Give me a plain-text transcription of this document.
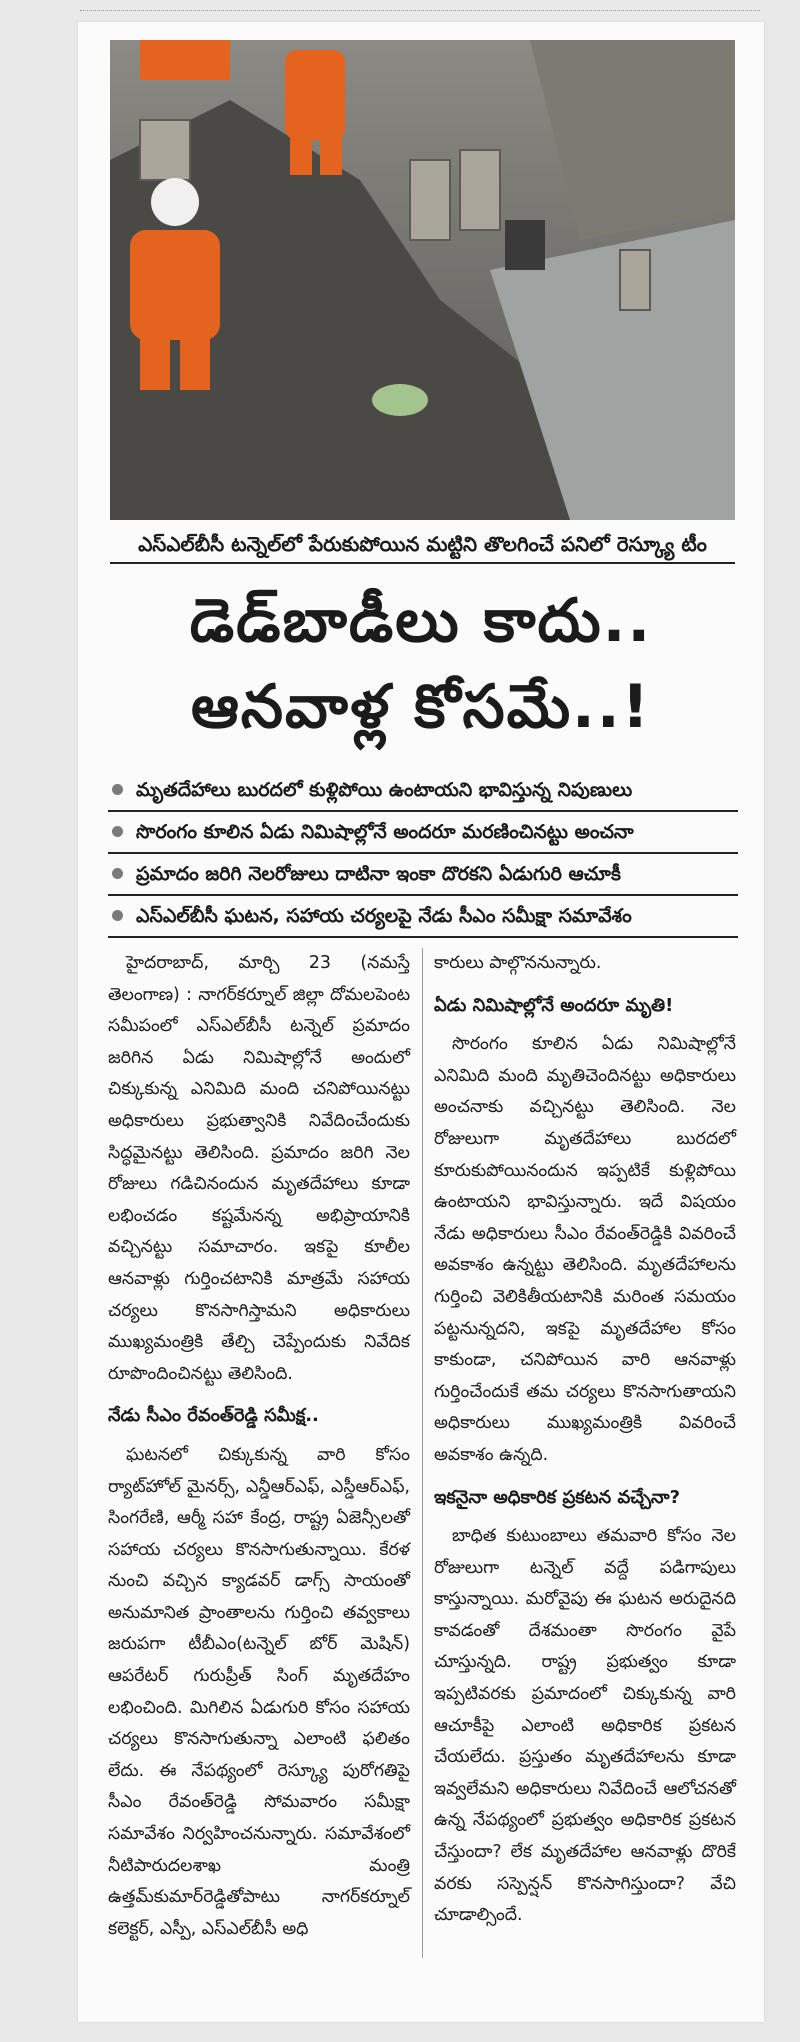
ఎస్ఎల్‌బీసీ టన్నెల్‌లో పేరుకుపోయిన మట్టిని తొలగించే పనిలో రెస్క్యూ టీం
డెడ్‌బాడీలు కాదు..
ఆనవాళ్ల కోసమే..!
మృతదేహాలు బురదలో కుళ్లిపోయి ఉంటాయని భావిస్తున్న నిపుణులు
సొరంగం కూలిన ఏడు నిమిషాల్లోనే అందరూ మరణించినట్టు అంచనా
ప్రమాదం జరిగి నెలరోజులు దాటినా ఇంకా దొరకని ఏడుగురి ఆచూకీ
ఎస్ఎల్‌బీసీ ఘటన, సహాయ చర్యలపై నేడు సీఎం సమీక్షా సమావేశం

హైదరాబాద్, మార్చి 23 (నమస్తే తెలంగాణ) : నాగర్‌కర్నూల్ జిల్లా దోమలపెంట సమీపంలో ఎస్ఎల్‌బీసీ టన్నెల్ ప్రమాదం జరిగిన ఏడు నిమిషాల్లోనే అందులో చిక్కుకున్న ఎనిమిది మంది చనిపోయినట్టు అధికారులు ప్రభుత్వానికి నివేదించేందుకు సిద్ధమైనట్టు తెలిసింది. ప్రమాదం జరిగి నెల రోజులు గడిచినందున మృతదేహాలు కూడా లభించడం కష్టమేనన్న అభిప్రాయానికి వచ్చినట్టు సమాచారం. ఇకపై కూలీల ఆనవాళ్లు గుర్తించటానికి మాత్రమే సహాయ చర్యలు కొనసాగిస్తామని అధికారులు ముఖ్యమంత్రికి తేల్చి చెప్పేందుకు నివేదిక రూపొందించినట్టు తెలిసింది.

నేడు సీఎం రేవంత్‌రెడ్డి సమీక్ష..

ఘటనలో చిక్కుకున్న వారి కోసం ర్యాట్‌హోల్ మైనర్స్, ఎన్డీఆర్ఎఫ్, ఎస్డీఆర్ఎఫ్, సింగరేణి, ఆర్మీ సహా కేంద్ర, రాష్ట్ర ఏజెన్సీలతో సహాయ చర్యలు కొనసాగుతున్నాయి. కేరళ నుంచి వచ్చిన క్యాడవర్ డాగ్స్ సాయంతో అనుమానిత ప్రాంతాలను గుర్తించి తవ్వకాలు జరుపగా టీబీఎం(టన్నెల్ బోర్ మెషిన్) ఆపరేటర్ గురుప్రీత్ సింగ్ మృతదేహం లభించింది. మిగిలిన ఏడుగురి కోసం సహాయ చర్యలు కొనసాగుతున్నా ఎలాంటి ఫలితం లేదు. ఈ నేపథ్యంలో రెస్క్యూ పురోగతిపై సీఎం రేవంత్‌రెడ్డి సోమవారం సమీక్షా సమావేశం నిర్వహించనున్నారు. సమావేశంలో నీటిపారుదలశాఖ మంత్రి ఉత్తమ్‌కుమార్‌రెడ్డితోపాటు నాగర్‌కర్నూల్ కలెక్టర్, ఎస్పీ, ఎస్ఎల్‌బీసీ అధి

కారులు పాల్గొననున్నారు.

ఏడు నిమిషాల్లోనే అందరూ మృతి!

సొరంగం కూలిన ఏడు నిమిషాల్లోనే ఎనిమిది మంది మృతిచెందినట్టు అధికారులు అంచనాకు వచ్చినట్టు తెలిసింది. నెల రోజులుగా మృతదేహాలు బురదలో కూరుకుపోయినందున ఇప్పటికే కుళ్లిపోయి ఉంటాయని భావిస్తున్నారు. ఇదే విషయం నేడు అధికారులు సీఎం రేవంత్‌రెడ్డికి వివరించే అవకాశం ఉన్నట్టు తెలిసింది. మృతదేహాలను గుర్తించి వెలికితీయటానికి మరింత సమయం పట్టనున్నదని, ఇకపై మృతదేహాల కోసం కాకుండా, చనిపోయిన వారి ఆనవాళ్లు గుర్తించేందుకే తమ చర్యలు కొనసాగుతాయని అధికారులు ముఖ్యమంత్రికి వివరించే అవకాశం ఉన్నది.

ఇకనైనా అధికారిక ప్రకటన వచ్చేనా?

బాధిత కుటుంబాలు తమవారి కోసం నెల రోజులుగా టన్నెల్ వద్దే పడిగాపులు కాస్తున్నాయి. మరోవైపు ఈ ఘటన అరుదైనది కావడంతో దేశమంతా సొరంగం వైపే చూస్తున్నది. రాష్ట్ర ప్రభుత్వం కూడా ఇప్పటివరకు ప్రమాదంలో చిక్కుకున్న వారి ఆచూకీపై ఎలాంటి అధికారిక ప్రకటన చేయలేదు. ప్రస్తుతం మృతదేహాలను కూడా ఇవ్వలేమని అధికారులు నివేదించే ఆలోచనతో ఉన్న నేపథ్యంలో ప్రభుత్వం అధికారిక ప్రకటన చేస్తుందా? లేక మృతదేహాల ఆనవాళ్లు దొరికే వరకు సస్పెన్షన్ కొనసాగిస్తుందా? వేచి చూడాల్సిందే.
